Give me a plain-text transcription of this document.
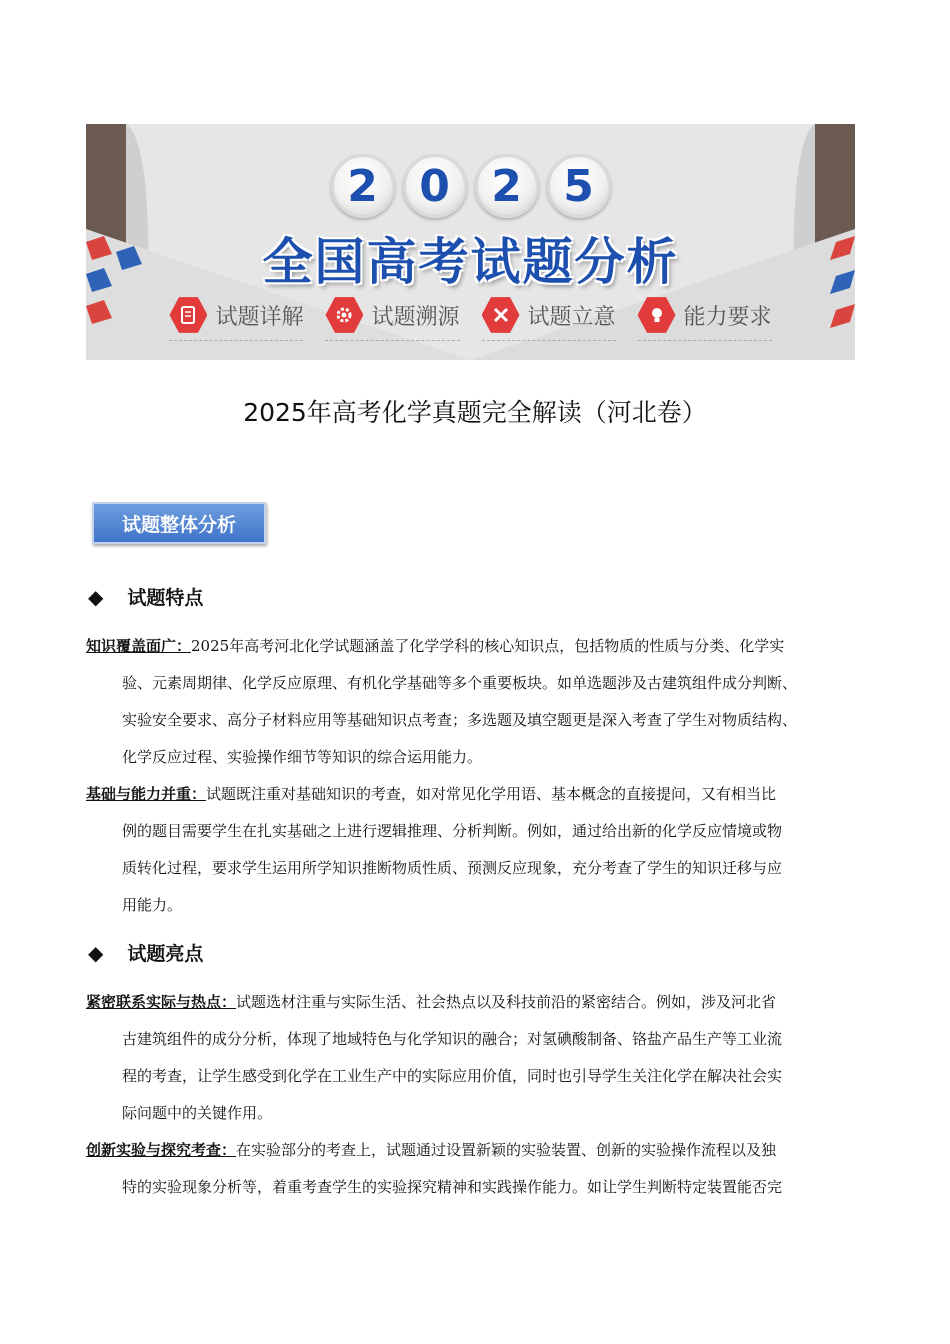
2 0 2 5
全国高考试题分析
试题详解	试题溯源	试题立意	能力要求
2025年高考化学真题完全解读（河北卷）
试题整体分析
◆ 试题特点
知识覆盖面广：2025年高考河北化学试题涵盖了化学学科的核心知识点，包括物质的性质与分类、化学实
验、元素周期律、化学反应原理、有机化学基础等多个重要板块。如单选题涉及古建筑组件成分判断、
实验安全要求、高分子材料应用等基础知识点考查；多选题及填空题更是深入考查了学生对物质结构、
化学反应过程、实验操作细节等知识的综合运用能力。
基础与能力并重：试题既注重对基础知识的考查，如对常见化学用语、基本概念的直接提问，又有相当比
例的题目需要学生在扎实基础之上进行逻辑推理、分析判断。例如，通过给出新的化学反应情境或物
质转化过程，要求学生运用所学知识推断物质性质、预测反应现象，充分考查了学生的知识迁移与应
用能力。
◆ 试题亮点
紧密联系实际与热点：试题选材注重与实际生活、社会热点以及科技前沿的紧密结合。例如，涉及河北省
古建筑组件的成分分析，体现了地域特色与化学知识的融合；对氢碘酸制备、铬盐产品生产等工业流
程的考查，让学生感受到化学在工业生产中的实际应用价值，同时也引导学生关注化学在解决社会实
际问题中的关键作用。
创新实验与探究考查：在实验部分的考查上，试题通过设置新颖的实验装置、创新的实验操作流程以及独
特的实验现象分析等，着重考查学生的实验探究精神和实践操作能力。如让学生判断特定装置能否完
